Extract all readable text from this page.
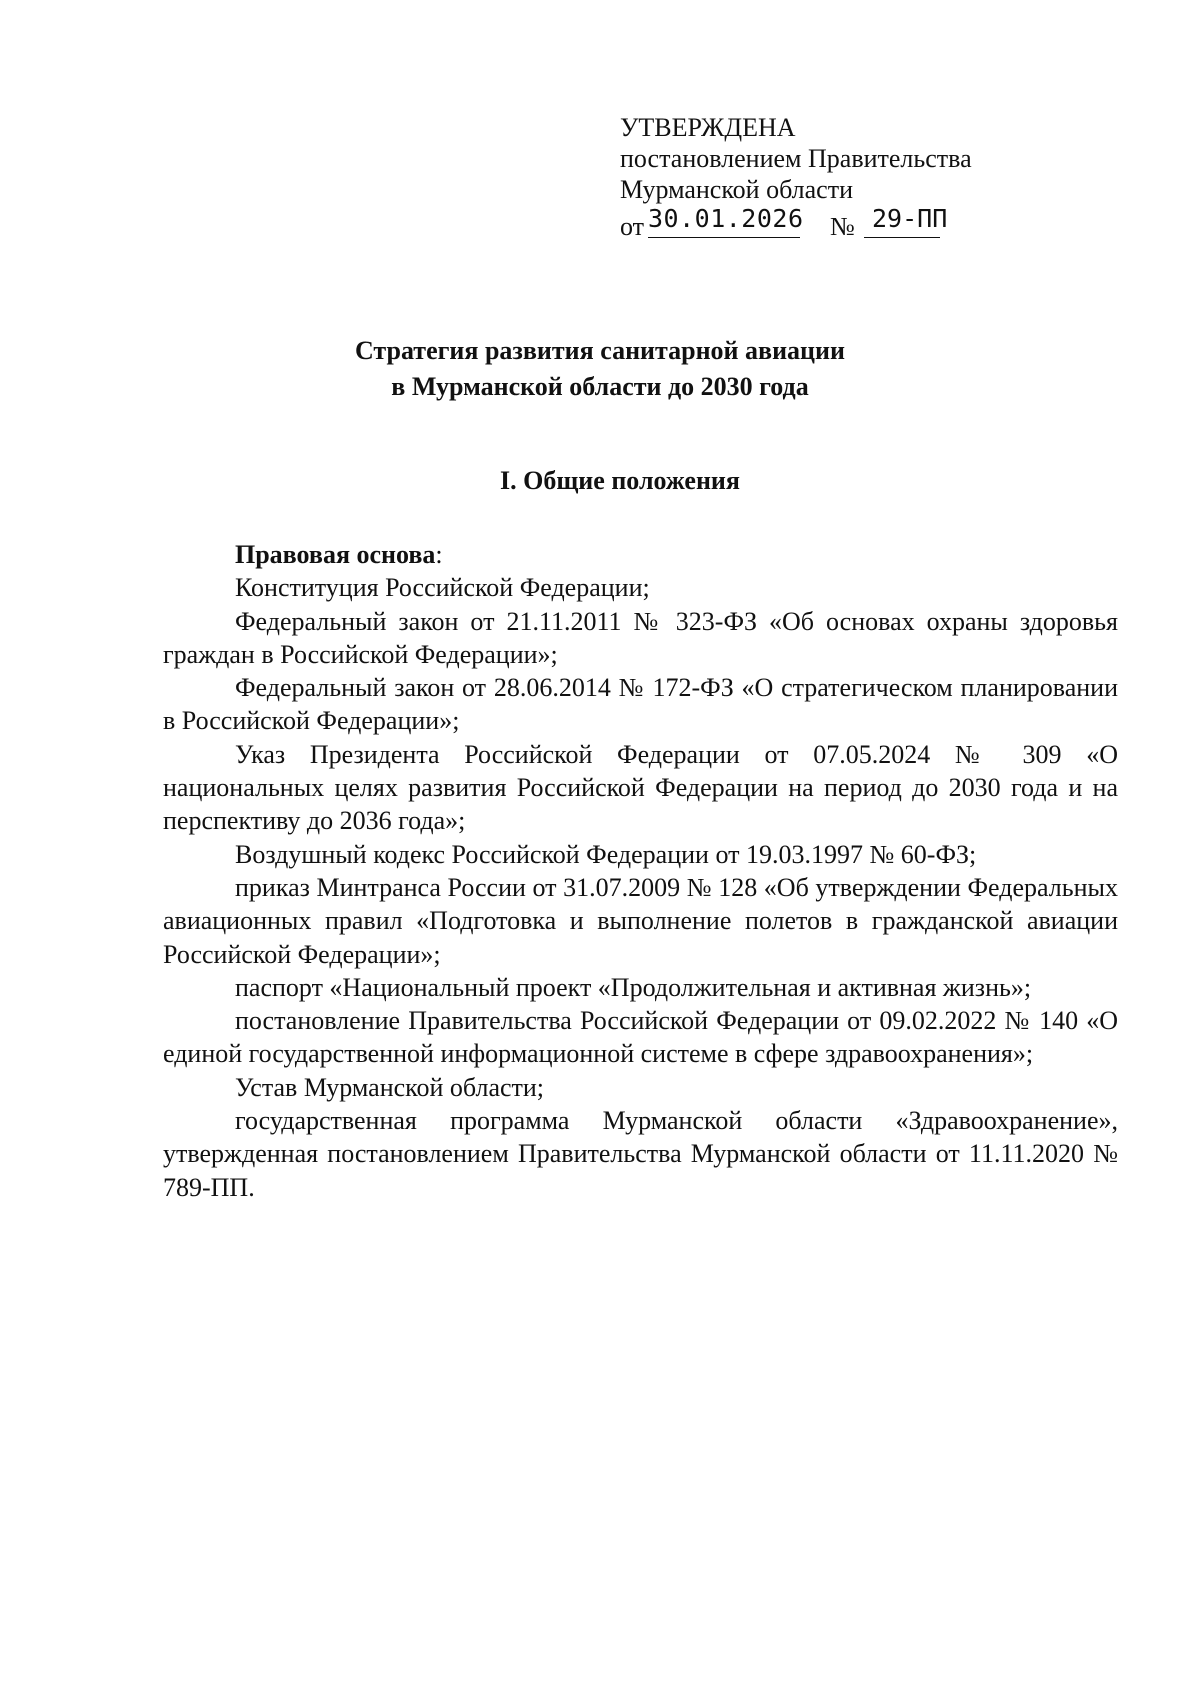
УТВЕРЖДЕНА
постановлением Правительства
Мурманской области
от 30.01.2026 № 29-ПП
Стратегия развития санитарной авиации
в Мурманской области до 2030 года
I. Общие положения

Правовая основа:

Конституция Российской Федерации;

Федеральный закон от 21.11.2011 № 323-ФЗ «Об основах охраны здоровья граждан в Российской Федерации»;

Федеральный закон от 28.06.2014 № 172-ФЗ «О стратегическом планировании в Российской Федерации»;

Указ Президента Российской Федерации от 07.05.2024 № 309 «О национальных целях развития Российской Федерации на период до 2030 года и на перспективу до 2036 года»;

Воздушный кодекс Российской Федерации от 19.03.1997 № 60-ФЗ;

приказ Минтранса России от 31.07.2009 № 128 «Об утверждении Федеральных авиационных правил «Подготовка и выполнение полетов в гражданской авиации Российской Федерации»;

паспорт «Национальный проект «Продолжительная и активная жизнь»;

постановление Правительства Российской Федерации от 09.02.2022 № 140 «О единой государственной информационной системе в сфере здравоохранения»;

Устав Мурманской области;

государственная программа Мурманской области «Здравоохранение», утвержденная постановлением Правительства Мурманской области от 11.11.2020 № 789-ПП.
